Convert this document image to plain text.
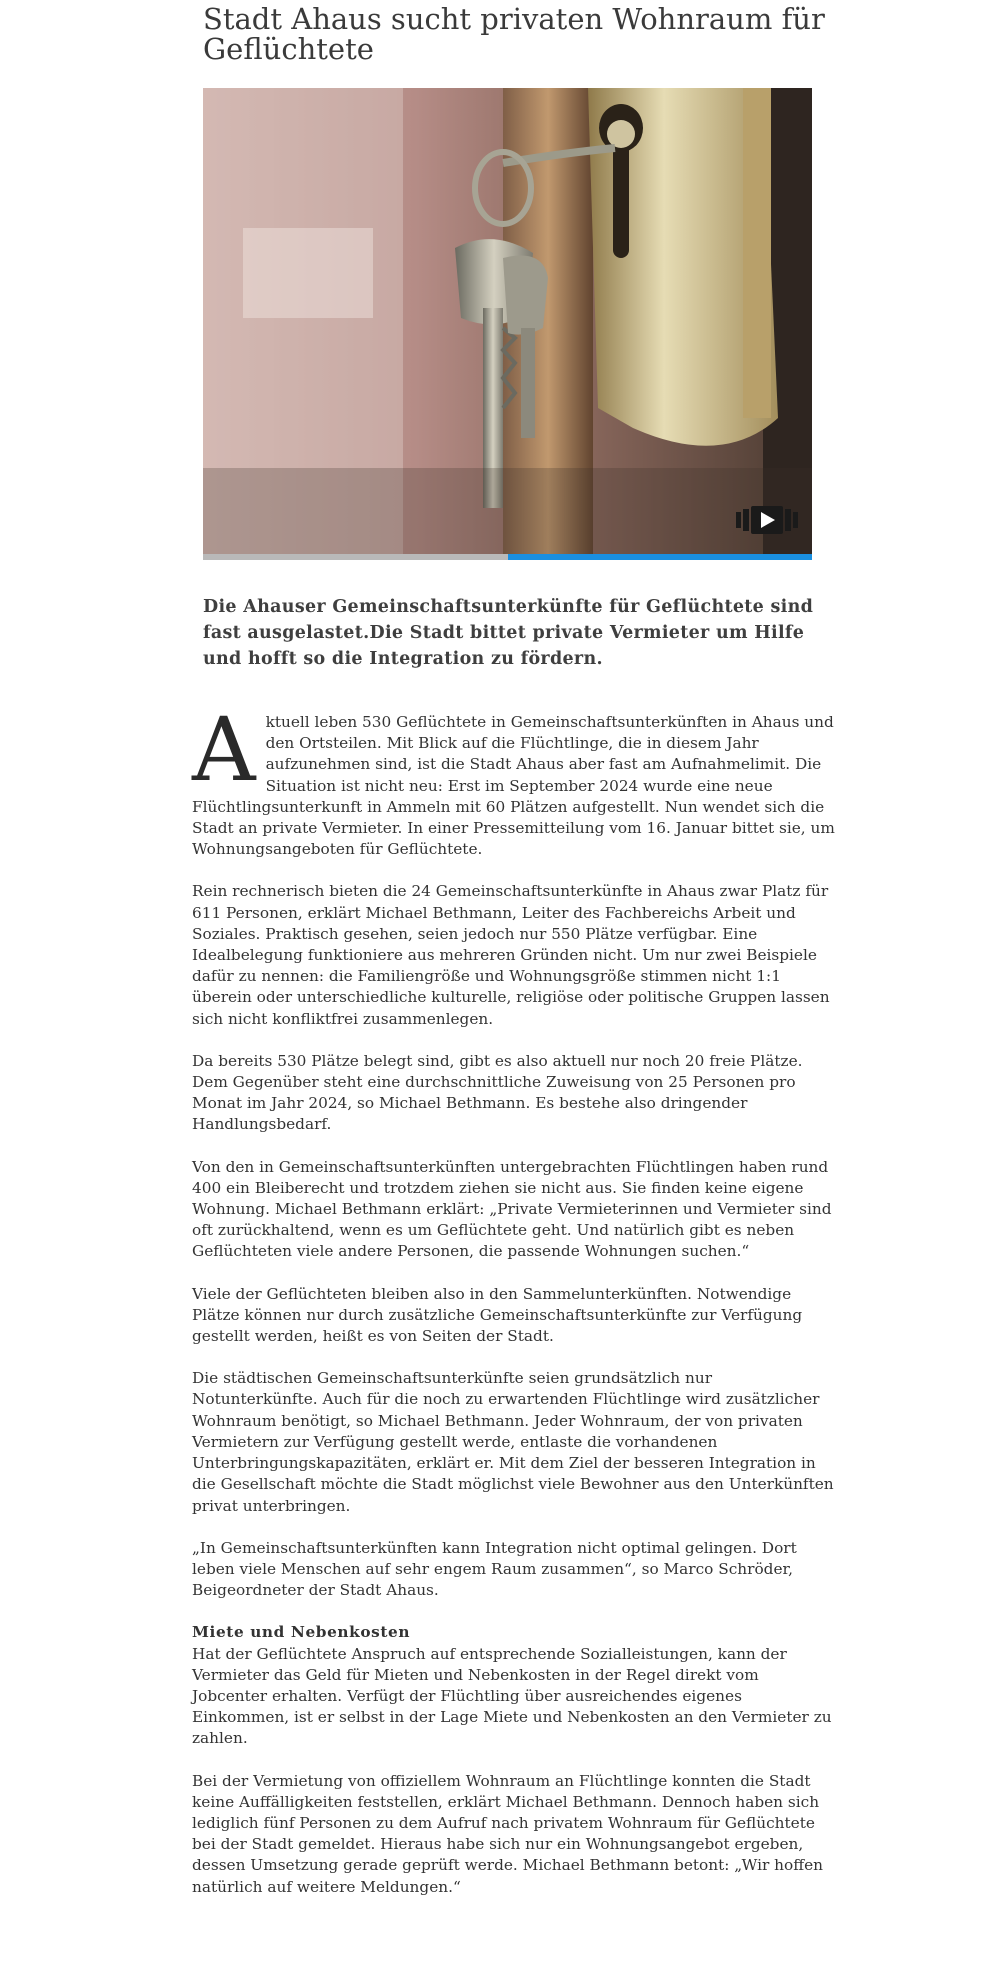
Stadt Ahaus sucht privaten Wohnraum für Geflüchtete

Die Ahauser Gemeinschaftsunterkünfte für Geflüchtete sind fast ausgelastet.Die Stadt bittet private Vermieter um Hilfe und hofft so die Integration zu fördern.

Aktuell leben 530 Geflüchtete in Gemeinschaftsunterkünften in Ahaus und den Ortsteilen. Mit Blick auf die Flüchtlinge, die in diesem Jahr aufzunehmen sind, ist die Stadt Ahaus aber fast am Aufnahmelimit. Die Situation ist nicht neu: Erst im September 2024 wurde eine neue Flüchtlingsunterkunft in Ammeln mit 60 Plätzen aufgestellt. Nun wendet sich die Stadt an private Vermieter. In einer Pressemitteilung vom 16. Januar bittet sie, um Wohnungsangeboten für Geflüchtete.

Rein rechnerisch bieten die 24 Gemeinschaftsunterkünfte in Ahaus zwar Platz für 611 Personen, erklärt Michael Bethmann, Leiter des Fachbereichs Arbeit und Soziales. Praktisch gesehen, seien jedoch nur 550 Plätze verfügbar. Eine Idealbelegung funktioniere aus mehreren Gründen nicht. Um nur zwei Beispiele dafür zu nennen: die Familiengröße und Wohnungsgröße stimmen nicht 1:1 überein oder unterschiedliche kulturelle, religiöse oder politische Gruppen lassen sich nicht konfliktfrei zusammenlegen.

Da bereits 530 Plätze belegt sind, gibt es also aktuell nur noch 20 freie Plätze. Dem Gegenüber steht eine durchschnittliche Zuweisung von 25 Personen pro Monat im Jahr 2024, so Michael Bethmann. Es bestehe also dringender Handlungsbedarf.

Von den in Gemeinschaftsunterkünften untergebrachten Flüchtlingen haben rund 400 ein Bleiberecht und trotzdem ziehen sie nicht aus. Sie finden keine eigene Wohnung. Michael Bethmann erklärt: „Private Vermieterinnen und Vermieter sind oft zurückhaltend, wenn es um Geflüchtete geht. Und natürlich gibt es neben Geflüchteten viele andere Personen, die passende Wohnungen suchen.“

Viele der Geflüchteten bleiben also in den Sammelunterkünften. Notwendige Plätze können nur durch zusätzliche Gemeinschaftsunterkünfte zur Verfügung gestellt werden, heißt es von Seiten der Stadt.

Die städtischen Gemeinschaftsunterkünfte seien grundsätzlich nur Notunterkünfte. Auch für die noch zu erwartenden Flüchtlinge wird zusätzlicher Wohnraum benötigt, so Michael Bethmann. Jeder Wohnraum, der von privaten Vermietern zur Verfügung gestellt werde, entlaste die vorhandenen Unterbringungskapazitäten, erklärt er. Mit dem Ziel der besseren Integration in die Gesellschaft möchte die Stadt möglichst viele Bewohner aus den Unterkünften privat unterbringen.

„In Gemeinschaftsunterkünften kann Integration nicht optimal gelingen. Dort leben viele Menschen auf sehr engem Raum zusammen“, so Marco Schröder, Beigeordneter der Stadt Ahaus.

Miete und Nebenkosten

Hat der Geflüchtete Anspruch auf entsprechende Sozialleistungen, kann der Vermieter das Geld für Mieten und Nebenkosten in der Regel direkt vom Jobcenter erhalten. Verfügt der Flüchtling über ausreichendes eigenes Einkommen, ist er selbst in der Lage Miete und Nebenkosten an den Vermieter zu zahlen.

Bei der Vermietung von offiziellem Wohnraum an Flüchtlinge konnten die Stadt keine Auffälligkeiten feststellen, erklärt Michael Bethmann. Dennoch haben sich lediglich fünf Personen zu dem Aufruf nach privatem Wohnraum für Geflüchtete bei der Stadt gemeldet. Hieraus habe sich nur ein Wohnungsangebot ergeben, dessen Umsetzung gerade geprüft werde. Michael Bethmann betont: „Wir hoffen natürlich auf weitere Meldungen.“
